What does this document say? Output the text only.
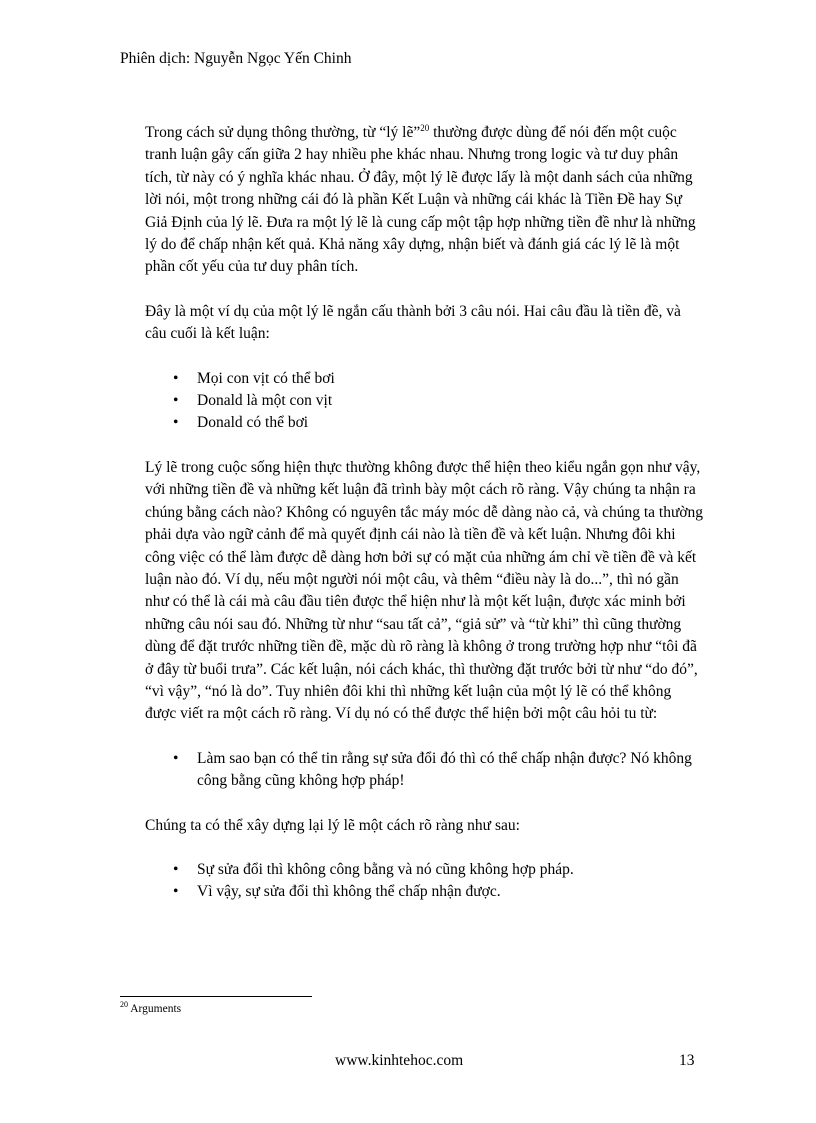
Phiên dịch: Nguyễn Ngọc Yến Chinh

Trong cách sử dụng thông thường, từ “lý lẽ”$^{20}$ thường được dùng để nói đến một cuộc tranh luận gây cấn giữa 2 hay nhiều phe khác nhau. Nhưng trong logic và tư duy phân tích, từ này có ý nghĩa khác nhau. Ở đây, một lý lẽ được lấy là một danh sách của những lời nói, một trong những cái đó là phần Kết Luận và những cái khác là Tiền Đề hay Sự Giả Định của lý lẽ. Đưa ra một lý lẽ là cung cấp một tập hợp những tiền đề như là những lý do để chấp nhận kết quả. Khả năng xây dựng, nhận biết và đánh giá các lý lẽ là một phần cốt yếu của tư duy phân tích.

Đây là một ví dụ của một lý lẽ ngắn cấu thành bởi 3 câu nói. Hai câu đầu là tiền đề, và câu cuối là kết luận:

•	Mọi con vịt có thể bơi
•	Donald là một con vịt
•	Donald có thể bơi

Lý lẽ trong cuộc sống hiện thực thường không được thể hiện theo kiểu ngắn gọn như vậy, với những tiền đề và những kết luận đã trình bày một cách rõ ràng. Vậy chúng ta nhận ra chúng bằng cách nào? Không có nguyên tắc máy móc dễ dàng nào cả, và chúng ta thường phải dựa vào ngữ cảnh để mà quyết định cái nào là tiền đề và kết luận. Nhưng đôi khi công việc có thể làm được dễ dàng hơn bởi sự có mặt của những ám chỉ về tiền đề và kết luận nào đó. Ví dụ, nếu một người nói một câu, và thêm “điều này là do...”, thì nó gần như có thể là cái mà câu đầu tiên được thể hiện như là một kết luận, được xác minh bởi những câu nói sau đó. Những từ như “sau tất cả”, “giả sử” và “từ khi” thì cũng thường dùng để đặt trước những tiền đề, mặc dù rõ ràng là không ở trong trường hợp như “tôi đã ở đây từ buổi trưa”. Các kết luận, nói cách khác, thì thường đặt trước bởi từ như “do đó”, “vì vậy”, “nó là do”. Tuy nhiên đôi khi thì những kết luận của một lý lẽ có thể không được viết ra một cách rõ ràng. Ví dụ nó có thể được thể hiện bởi một câu hỏi tu từ:

•	Làm sao bạn có thể tin rằng sự sửa đổi đó thì có thể chấp nhận được? Nó không công bằng cũng không hợp pháp!

Chúng ta có thể xây dựng lại lý lẽ một cách rõ ràng như sau:

•	Sự sửa đổi thì không công bằng và nó cũng không hợp pháp.
•	Vì vậy, sự sửa đổi thì không thể chấp nhận được.
$^{20}$ Arguments
www.kinhtehoc.com	13
